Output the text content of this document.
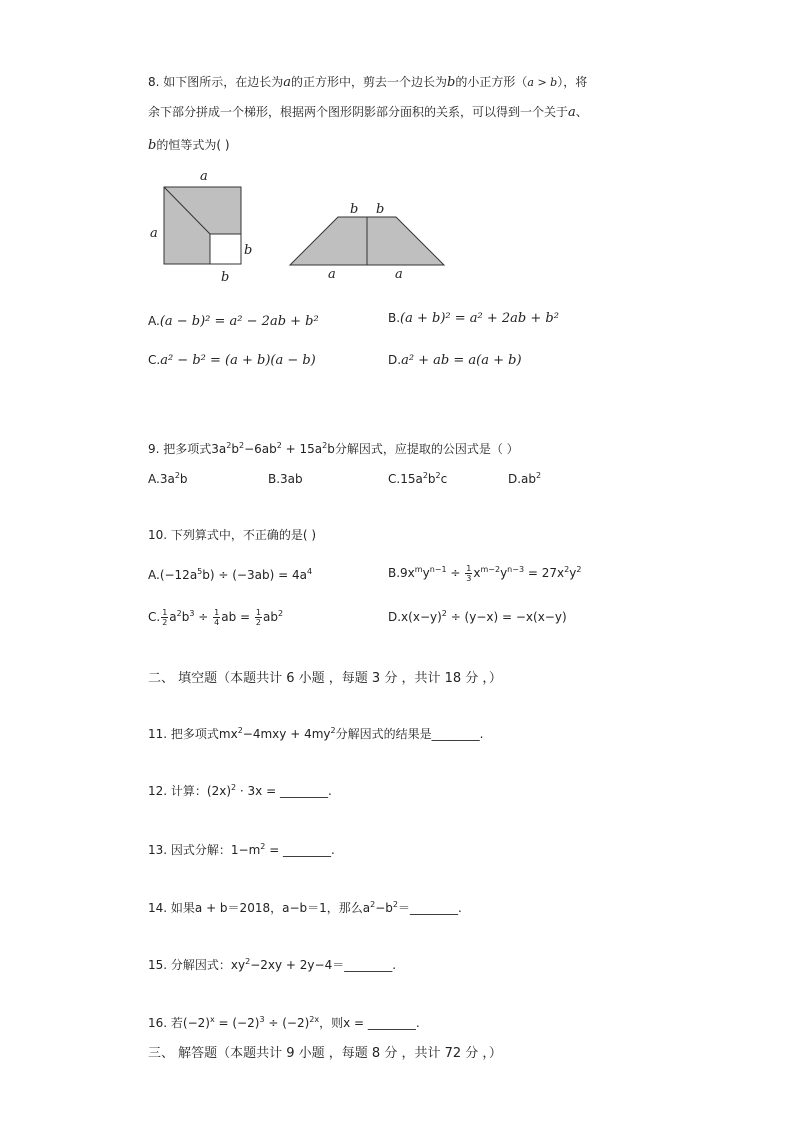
8. 如下图所示，在边长为a的正方形中，剪去一个边长为b的小正方形（a > b），将
余下部分拼成一个梯形，根据两个图形阴影部分面积的关系，可以得到一个关于a、
b的恒等式为( )
a
a
b
b
b b
a	a
A.(a − b)² = a² − 2ab + b²	B.(a + b)² = a² + 2ab + b²
C.a² − b² = (a + b)(a − b)	D.a² + ab = a(a + b)
9. 把多项式$3a^2b^2-6ab^2 + 15a^2b$分解因式，应提取的公因式是（ ）
$A.3a^2b$	B.3ab	$C.15a^2b^2c$	$D.ab^2$
10. 下列算式中，不正确的是( )
$A.(-12a^5b) \div (-3ab) = 4a^4$	$B.9x^my^{n-1} \div \frac{1}{3} x^{m-2}y^{n-3} = 27x^2y^2$
C. $\frac{1}{2} a^2b^3 \div \frac{1}{4}$ ab = $\frac{1}{2} ab^2$	$D.x(x-y)^2 \div (y-x) = -x(x-y)$
二、 填空题（本题共计 6 小题 ，每题 3 分 ，共计 18 分 ，）
11. 把多项式$mx^2-4mxy + 4my^2$分解因式的结果是________.
12. 计算：$(2x)^2 \cdot 3x$ = ________.
13. 因式分解：$1-m^2$ = ________.
14. 如果a + b＝2018，a−b＝1，那么$a^2-b^2=\_\_\_\_\_\_\_\_$.
15. 分解因式：$xy^2-2xy$ + 2y−4＝________.
16. 若$(-2)^x = (-2)^3 \div (-2)^{2x}$，则x = ________.
三、 解答题（本题共计 9 小题 ，每题 8 分 ，共计 72 分 ，）
